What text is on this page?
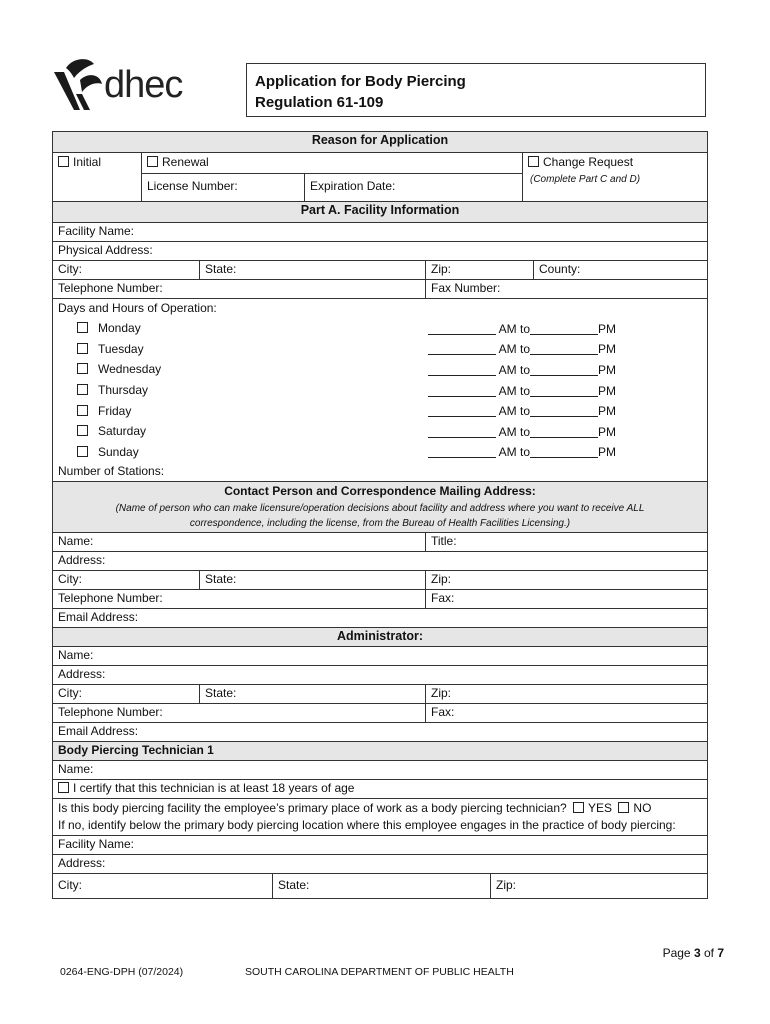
dhec	Application for Body Piercing
Regulation 61-109
Reason for Application
Initial	Renewal
License Number:	Expiration Date:
Change Request
(Complete Part C and D)
Part A. Facility Information
Facility Name:
Physical Address:
City:	State:	Zip:	County:
Telephone Number:	Fax Number:
Days and Hours of Operation:
Monday	AM to	PM
Tuesday	AM to	PM
Wednesday	AM to	PM
Thursday	AM to	PM
Friday	AM to	PM
Saturday	AM to	PM
Sunday	AM to	PM
Number of Stations:
Contact Person and Correspondence Mailing Address:
(Name of person who can make licensure/operation decisions about facility and address where you want to receive ALL correspondence, including the license, from the Bureau of Health Facilities Licensing.)
Name:	Title:
Address:
City:	State:	Zip:
Telephone Number:	Fax:
Email Address:
Administrator:
Name:
Address:
City:	State:	Zip:
Telephone Number:	Fax:
Email Address:
Body Piercing Technician 1
Name:
I certify that this technician is at least 18 years of age
Is this body piercing facility the employee’s primary place of work as a body piercing technician? YES NO
If no, identify below the primary body piercing location where this employee engages in the practice of body piercing:
Facility Name:
Address:
City:	State:	Zip:
Page 3 of 7
0264-ENG-DPH (07/2024)	SOUTH CAROLINA DEPARTMENT OF PUBLIC HEALTH
